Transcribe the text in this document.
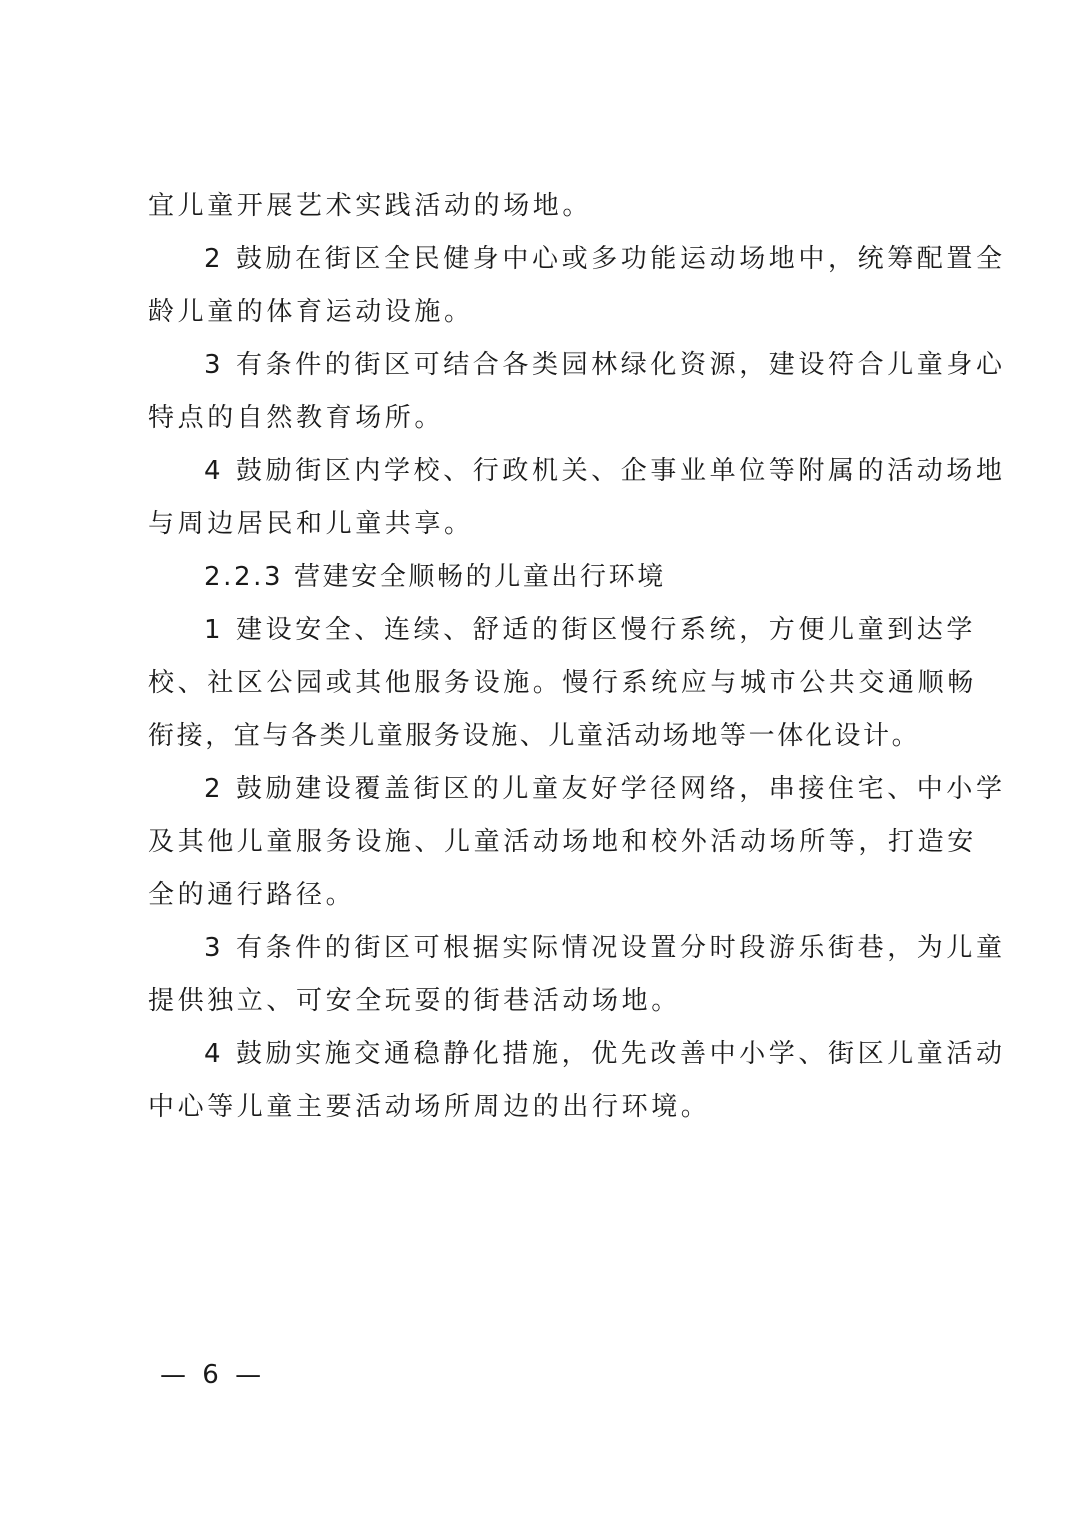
宜儿童开展艺术实践活动的场地。
2 鼓励在街区全民健身中心或多功能运动场地中，统筹配置全
龄儿童的体育运动设施。
3 有条件的街区可结合各类园林绿化资源，建设符合儿童身心
特点的自然教育场所。
4 鼓励街区内学校、行政机关、企事业单位等附属的活动场地
与周边居民和儿童共享。
2.2.3 营建安全顺畅的儿童出行环境
1 建设安全、连续、舒适的街区慢行系统，方便儿童到达学
校、社区公园或其他服务设施。慢行系统应与城市公共交通顺畅
衔接，宜与各类儿童服务设施、儿童活动场地等一体化设计。
2 鼓励建设覆盖街区的儿童友好学径网络，串接住宅、中小学
及其他儿童服务设施、儿童活动场地和校外活动场所等，打造安
全的通行路径。
3 有条件的街区可根据实际情况设置分时段游乐街巷，为儿童
提供独立、可安全玩耍的街巷活动场地。
4 鼓励实施交通稳静化措施，优先改善中小学、街区儿童活动
中心等儿童主要活动场所周边的出行环境。
— 6 —
